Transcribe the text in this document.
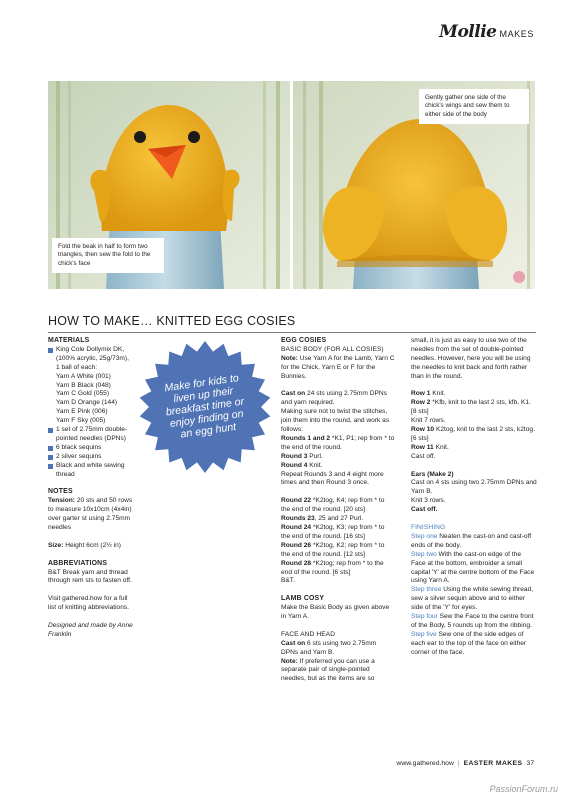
Mollie MAKES
Fold the beak in half to form two triangles, then sew the fold to the chick's face
Gently gather one side of the chick's wings and sew them to either side of the body
HOW TO MAKE… KNITTED EGG COSIES
MATERIALS
King Cole Dollymix DK, (100% acrylic, 25g/73m), 1 ball of each:
Yarn A White (001)
Yarn B Black (048)
Yarn C Gold (055)
Yarn D Orange (144)
Yarn E Pink (006)
Yarn F Sky (005)
1 set of 2.75mm double-pointed needles (DPNs)
6 black sequins
2 silver sequins
Black and white sewing thread
NOTES
Tension: 20 sts and 50 rows to measure 10x10cm (4x4in) over garter st using 2.75mm needles
Size: Height 6cm (2½ in)
ABBREVIATIONS
B&T Break yarn and thread through rem sts to fasten off.
Visit gathered.how for a full list of knitting abbreviations.
Designed and made by Anne Franklin
Make for kids to liven up their breakfast time or enjoy finding on an egg hunt
EGG COSIES
BASIC BODY (FOR ALL COSIES)
Note: Use Yarn A for the Lamb, Yarn C for the Chick, Yarn E or F for the Bunnies.
Cast on 24 sts using 2.75mm DPNs and yarn required.
Making sure not to twist the stitches, join them into the round, and work as follows:
Rounds 1 and 2 *K1, P1; rep from * to the end of the round.
Round 3 Purl.
Round 4 Knit.
Repeat Rounds 3 and 4 eight more times and then Round 3 once.
Round 22 *K2tog, K4; rep from * to the end of the round. [20 sts]
Rounds 23, 25 and 27 Purl.
Round 24 *K2tog, K3; rep from * to the end of the round. [16 sts]
Round 26 *K2tog, K2; rep from * to the end of the round. [12 sts]
Round 28 *K2tog; rep from * to the end of the round. [6 sts]
B&T.
LAMB COSY
Make the Basic Body as given above in Yarn A.
FACE AND HEAD
Cast on 6 sts using two 2.75mm DPNs and Yarn B.
Note: If preferred you can use a separate pair of single-pointed needles, but as the items are so
small, it is just as easy to use two of the needles from the set of double-pointed needles. However, here you will be using the needles to knit back and forth rather than in the round.
Row 1 Knit.
Row 2 *Kfb, knit to the last 2 sts, kfb, K1. [8 sts]
Knit 7 rows.
Row 10 K2tog, knit to the last 2 sts, k2tog. [6 sts]
Row 11 Knit.
Cast off.
Ears (Make 2)
Cast on 4 sts using two 2.75mm DPNs and Yarn B.
Knit 3 rows.
Cast off.
FINISHING
Step one Neaten the cast-on and cast-off ends of the body.
Step two With the cast-on edge of the Face at the bottom, embroider a small capital 'Y' at the centre bottom of the Face using Yarn A.
Step three Using the white sewing thread, sew a silver sequin above and to either side of the 'Y' for eyes.
Step four Sew the Face to the centre front of the Body, 5 rounds up from the ribbing.
Step five Sew one of the side edges of each ear to the top of the face on either corner of the face.
www.gathered.how | EASTER MAKES 37
PassionForum.ru
